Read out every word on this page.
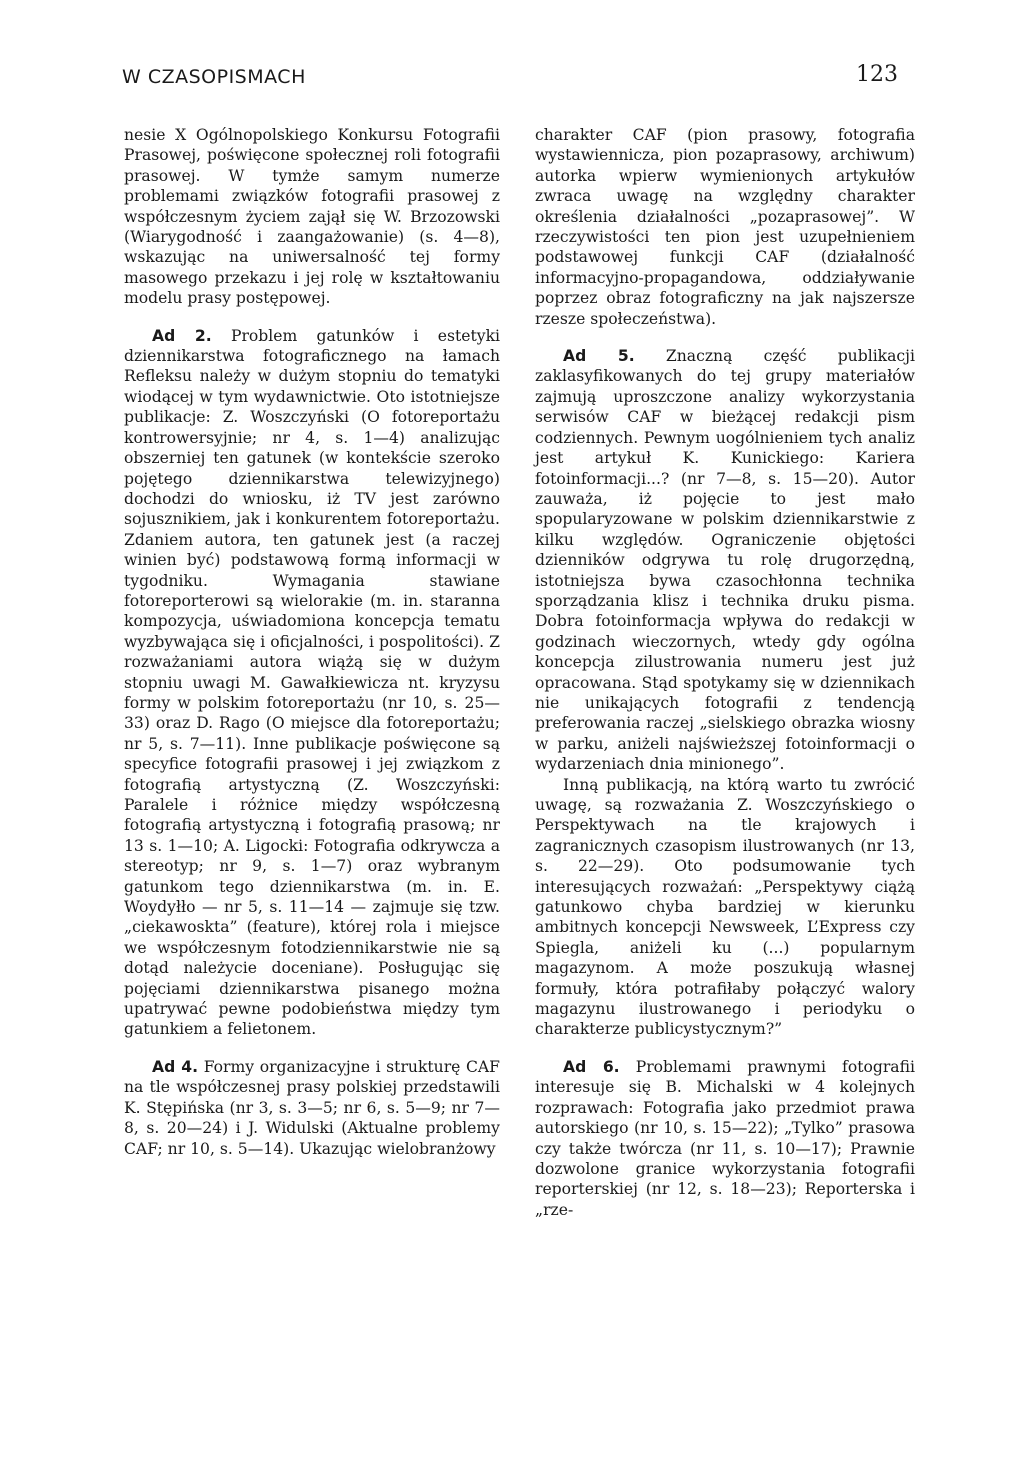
W CZASOPISMACH	123

nesie X Ogólnopolskiego Konkursu Fotografii Prasowej, poświęcone społecznej roli fotografii prasowej. W tymże samym numerze problemami związków fotografii prasowej z współczesnym życiem zajął się W. Brzozowski (Wiarygodność i zaangażowanie) (s. 4—8), wskazując na uniwersalność tej formy masowego przekazu i jej rolę w kształtowaniu modelu prasy postępowej.

Ad 2. Problem gatunków i estetyki dziennikarstwa fotograficznego na łamach Refleksu należy w dużym stopniu do tematyki wiodącej w tym wydawnictwie. Oto istotniejsze publikacje: Z. Woszczyński (O fotoreportażu kontrowersyjnie; nr 4, s. 1—4) analizując obszerniej ten gatunek (w kontekście szeroko pojętego dziennikarstwa telewizyjnego) dochodzi do wniosku, iż TV jest zarówno sojusznikiem, jak i konkurentem fotoreportażu. Zdaniem autora, ten gatunek jest (a raczej winien być) podstawową formą informacji w tygodniku. Wymagania stawiane fotoreporterowi są wielorakie (m. in. staranna kompozycja, uświadomiona koncepcja tematu wyzbywająca się i oficjalności, i pospolitości). Z rozważaniami autora wiążą się w dużym stopniu uwagi M. Gawałkiewicza nt. kryzysu formy w polskim fotoreportażu (nr 10, s. 25—33) oraz D. Rago (O miejsce dla fotoreportażu; nr 5, s. 7—11). Inne publikacje poświęcone są specyfice fotografii prasowej i jej związkom z fotografią artystyczną (Z. Woszczyński: Paralele i różnice między współczesną fotografią artystyczną i fotografią prasową; nr 13 s. 1—10; A. Ligocki: Fotografia odkrywcza a stereotyp; nr 9, s. 1—7) oraz wybranym gatunkom tego dziennikarstwa (m. in. E. Woydyłło — nr 5, s. 11—14 — zajmuje się tzw. „ciekawoskta” (feature), której rola i miejsce we współczesnym fotodziennikarstwie nie są dotąd należycie doceniane). Posługując się pojęciami dziennikarstwa pisanego można upatrywać pewne podobieństwa między tym gatunkiem a felietonem.

Ad 4. Formy organizacyjne i strukturę CAF na tle współczesnej prasy polskiej przedstawili K. Stępińska (nr 3, s. 3—5; nr 6, s. 5—9; nr 7—8, s. 20—24) i J. Widulski (Aktualne problemy CAF; nr 10, s. 5—14). Ukazując wielobranżowy

charakter CAF (pion prasowy, fotografia wystawiennicza, pion pozaprasowy, archiwum) autorka wpierw wymienionych artykułów zwraca uwagę na względny charakter określenia działalności „pozaprasowej”. W rzeczywistości ten pion jest uzupełnieniem podstawowej funkcji CAF (działalność informacyjno-propagandowa, oddziaływanie poprzez obraz fotograficzny na jak najszersze rzesze społeczeństwa).

Ad 5. Znaczną część publikacji zaklasyfikowanych do tej grupy materiałów zajmują uproszczone analizy wykorzystania serwisów CAF w bieżącej redakcji pism codziennych. Pewnym uogólnieniem tych analiz jest artykuł K. Kunickiego: Kariera fotoinformacji...? (nr 7—8, s. 15—20). Autor zauważa, iż pojęcie to jest mało spopularyzowane w polskim dziennikarstwie z kilku względów. Ograniczenie objętości dzienników odgrywa tu rolę drugorzędną, istotniejsza bywa czasochłonna technika sporządzania klisz i technika druku pisma. Dobra fotoinformacja wpływa do redakcji w godzinach wieczornych, wtedy gdy ogólna koncepcja zilustrowania numeru jest już opracowana. Stąd spotykamy się w dziennikach nie unikających fotografii z tendencją preferowania raczej „sielskiego obrazka wiosny w parku, aniżeli najświeższej fotoinformacji o wydarzeniach dnia minionego”.

Inną publikacją, na którą warto tu zwrócić uwagę, są rozważania Z. Woszczyńskiego o Perspektywach na tle krajowych i zagranicznych czasopism ilustrowanych (nr 13, s. 22—29). Oto podsumowanie tych interesujących rozważań: „Perspektywy ciążą gatunkowo chyba bardziej w kierunku ambitnych koncepcji Newsweek, L’Express czy Spiegla, aniżeli ku (...) popularnym magazynom. A może poszukują własnej formuły, która potrafiłaby połączyć walory magazynu ilustrowanego i periodyku o charakterze publicystycznym?”

Ad 6. Problemami prawnymi fotografii interesuje się B. Michalski w 4 kolejnych rozprawach: Fotografia jako przedmiot prawa autorskiego (nr 10, s. 15—22); „Tylko” prasowa czy także twórcza (nr 11, s. 10—17); Prawnie dozwolone granice wykorzystania fotografii reporterskiej (nr 12, s. 18—23); Reporterska i „rze-
